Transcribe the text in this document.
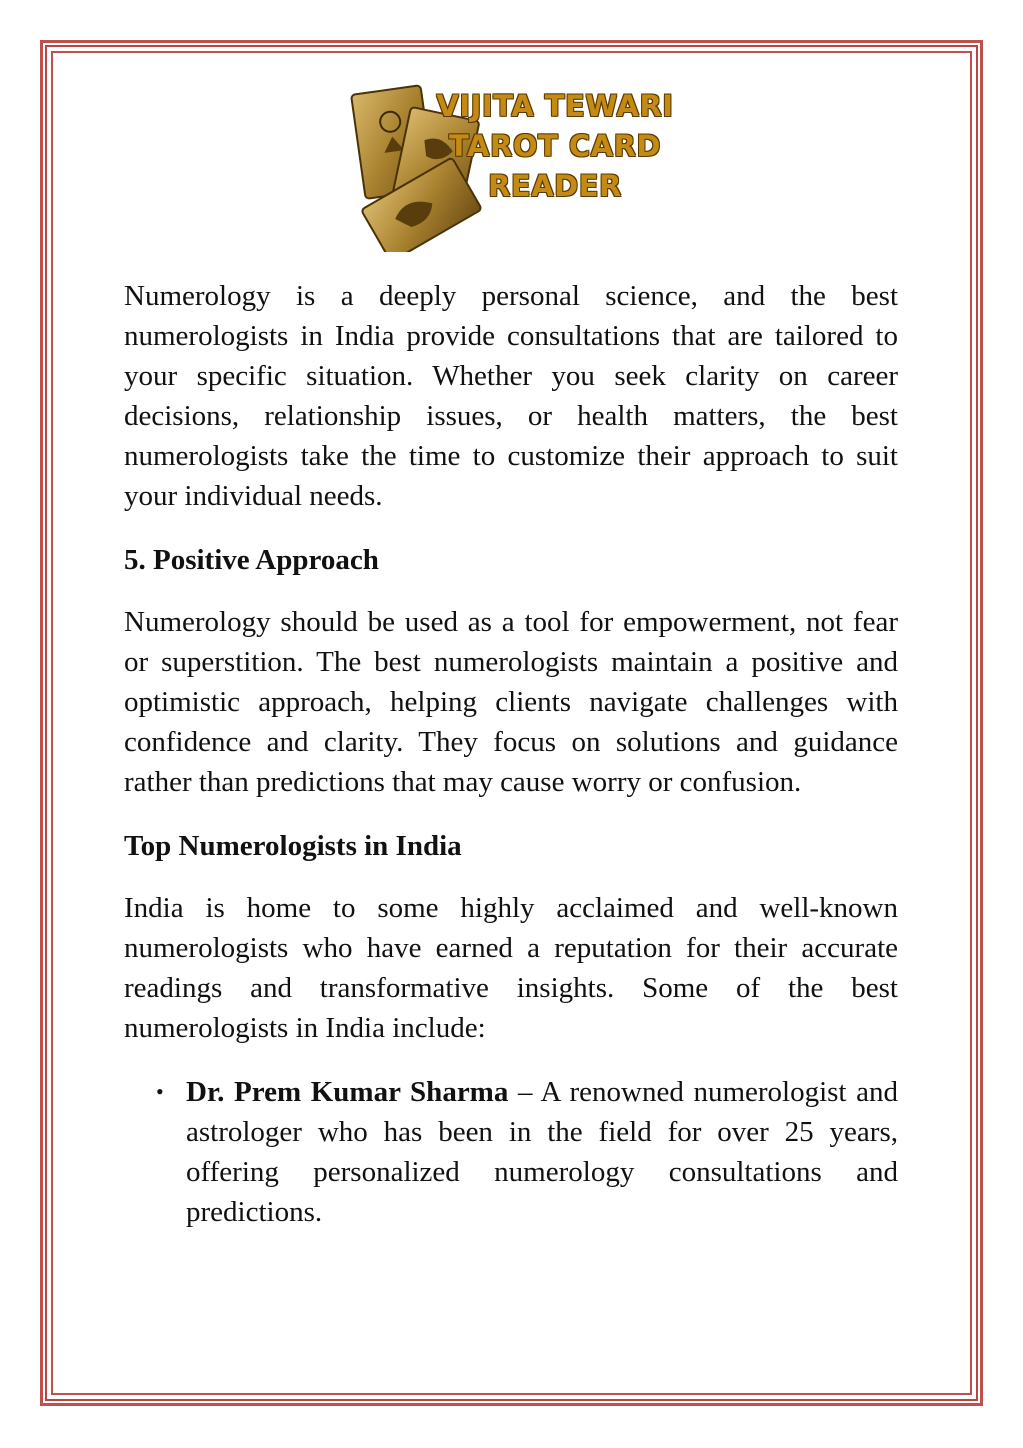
VIJITA TEWARI
TAROT CARD
READER

Numerology is a deeply personal science, and the best numerologists in India provide consultations that are tailored to your specific situation. Whether you seek clarity on career decisions, relationship issues, or health matters, the best numerologists take the time to customize their approach to suit your individual needs.

5. Positive Approach

Numerology should be used as a tool for empowerment, not fear or superstition. The best numerologists maintain a positive and optimistic approach, helping clients navigate challenges with confidence and clarity. They focus on solutions and guidance rather than predictions that may cause worry or confusion.

Top Numerologists in India

India is home to some highly acclaimed and well-known numerologists who have earned a reputation for their accurate readings and transformative insights. Some of the best numerologists in India include:

• Dr. Prem Kumar Sharma – A renowned numerologist and astrologer who has been in the field for over 25 years, offering personalized numerology consultations and predictions.
